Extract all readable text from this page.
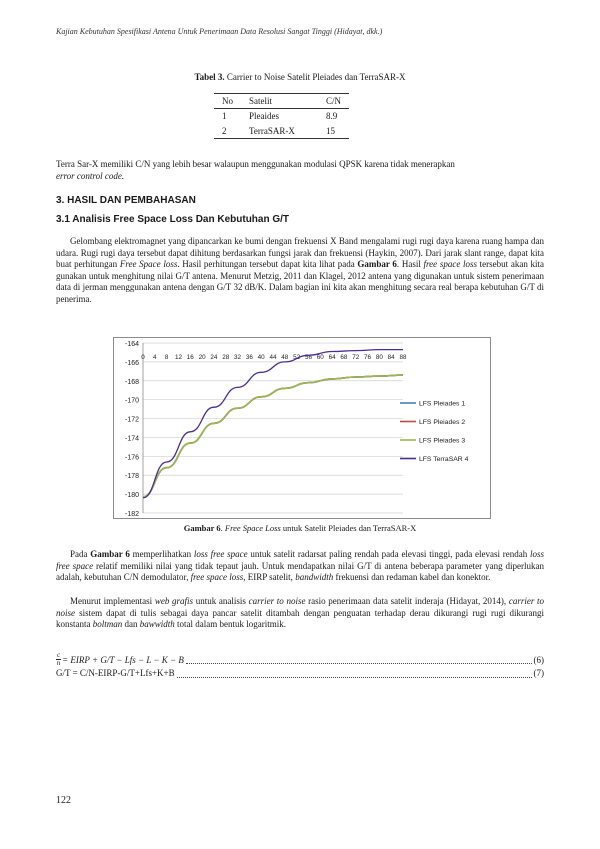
Kajian Kebutuhan Spesifikasi Antena Untuk Penerimaan Data Resolusi Sangat Tinggi (Hidayat, dkk.)
Tabel 3. Carrier to Noise Satelit Pleiades dan TerraSAR-X
No	Satelit	C/N
1	Pleaides	8.9
2	TerraSAR-X	15
Terra Sar-X memiliki C/N yang lebih besar walaupun menggunakan modulasi QPSK karena tidak menerapkan
error control code.
3. HASIL DAN PEMBAHASAN
3.1 Analisis Free Space Loss Dan Kebutuhan G/T
Gelombang elektromagnet yang dipancarkan ke bumi dengan frekuensi X Band mengalami rugi rugi daya karena ruang hampa dan udara. Rugi rugi daya tersebut dapat dihitung berdasarkan fungsi jarak dan frekuensi (Haykin, 2007). Dari jarak slant range, dapat kita buat perhitungan Free Space loss. Hasil perhitungan tersebut dapat kita lihat pada Gambar 6. Hasil free space loss tersebut akan kita gunakan untuk menghitung nilai G/T antena. Menurut Metzig, 2011 dan Klagel, 2012 antena yang digunakan untuk sistem penerimaan data di jerman menggunakan antena dengan G/T 32 dB/K. Dalam bagian ini kita akan menghitung secara real berapa kebutuhan G/T di penerima.
-164
-166
-168
-170
-172
-174
-176
-178
-180
-182
0 4 8 12 16 20 24 28 32 36 40 44 48 52 56 60 64 68 72 76 80 84 88
LFS Pleiades 1
LFS Pleiades 2
LFS Pleiades 3
LFS TerraSAR 4
Gambar 6. Free Space Loss untuk Satelit Pleiades dan TerraSAR-X
Pada Gambar 6 memperlihatkan loss free space untuk satelit radarsat paling rendah pada elevasi tinggi, pada elevasi rendah loss free space relatif memiliki nilai yang tidak tepaut jauh. Untuk mendapatkan nilai G/T di antena beberapa parameter yang diperlukan adalah, kebutuhan C/N demodulator, free space loss, EIRP satelit, bandwidth frekuensi dan redaman kabel dan konektor.
Menurut implementasi web grafis untuk analisis carrier to noise rasio penerimaan data satelit inderaja (Hidayat, 2014), carrier to noise sistem dapat di tulis sebagai daya pancar satelit ditambah dengan penguatan terhadap derau dikurangi rugi rugi dikurangi konstanta boltman dan bawwidth total dalam bentuk logaritmik.
$\frac{c}{n}$ = EIRP + G/T − Lfs − L − K − B	(6)
G/T = C/N-EIRP-G/T+Lfs+K+B	(7)
122
